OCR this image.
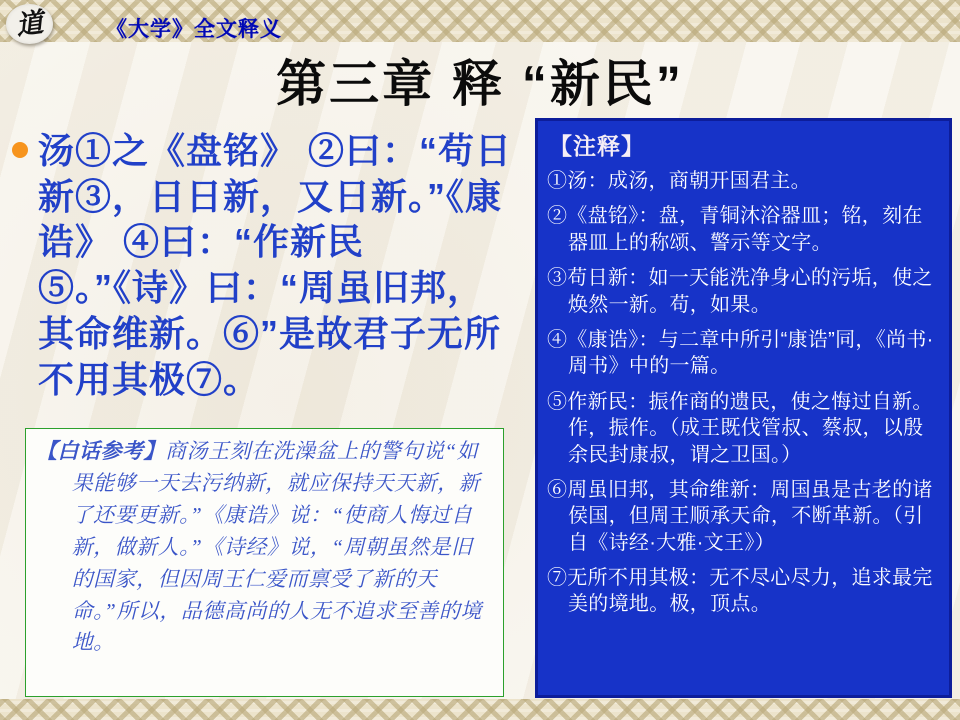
道	《大学》全文释义
第三章 释 “新民”
汤①之《盘铭》 ②曰：“苟日新③，日日新，又日新。”《康诰》 ④曰：“作新民⑤。”《诗》曰：“周虽旧邦，其命维新。⑥”是故君子无所不用其极⑦。

【白话参考】商汤王刻在洗澡盆上的警句说“如果能够一天去污纳新，就应保持天天新，新了还要更新。”《康诰》说：“使商人悔过自新，做新人。”《诗经》说，“周朝虽然是旧的国家，但因周王仁爱而禀受了新的天命。”所以，品德高尚的人无不追求至善的境地。

【注释】
①汤：成汤，商朝开国君主。
②《盘铭》：盘，青铜沐浴器皿；铭，刻在器皿上的称颂、警示等文字。
③苟日新：如一天能洗净身心的污垢，使之焕然一新。苟，如果。
④《康诰》：与二章中所引“康诰”同，《尚书·周书》中的一篇。
⑤作新民：振作商的遗民，使之悔过自新。作，振作。（成王既伐管叔、蔡叔，以殷余民封康叔，谓之卫国。）
⑥周虽旧邦，其命维新：周国虽是古老的诸侯国，但周王顺承天命，不断革新。（引自《诗经·大雅·文王》）
⑦无所不用其极：无不尽心尽力，追求最完美的境地。极，顶点。
